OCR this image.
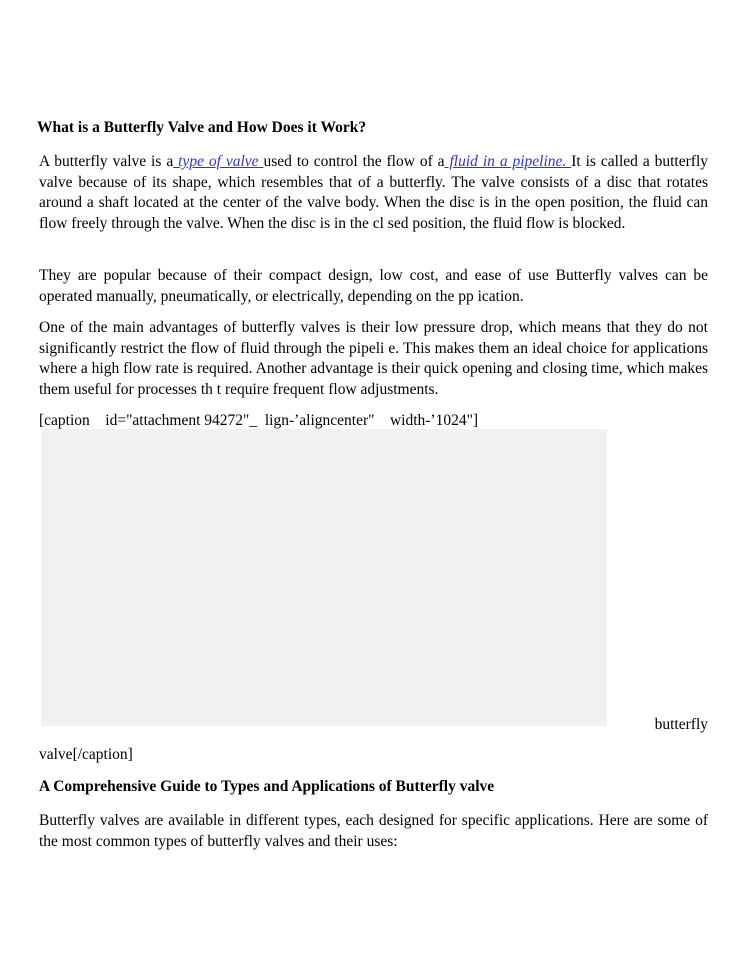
What is a Butterfly Valve and How Does it Work?

A butterfly valve is a type of valve used to control the flow of a fluid in a pipeline. It is called a butterfly valve because of its shape, which resembles that of a butterfly. The valve consists of a disc that rotates around a shaft located at the center of the valve body. When the disc is in the open position, the fluid can flow freely through the valve. When the disc is in the cl sed position, the fluid flow is blocked.

They are popular because of their compact design, low cost, and ease of use Butterfly valves can be operated manually, pneumatically, or electrically, depending on the pp ication.

One of the main advantages of butterfly valves is their low pressure drop, which means that they do not significantly restrict the flow of fluid through the pipeli e. This makes them an ideal choice for applications where a high flow rate is required. Another advantage is their quick opening and closing time, which makes them useful for processes th t require frequent flow adjustments.

[caption    id="attachment 94272"_  lign-’aligncenter"    width-’1024"]

butterfly

valve[/caption]

A Comprehensive Guide to Types and Applications of Butterfly valve

Butterfly valves are available in different types, each designed for specific applications. Here are some of the most common types of butterfly valves and their uses:
